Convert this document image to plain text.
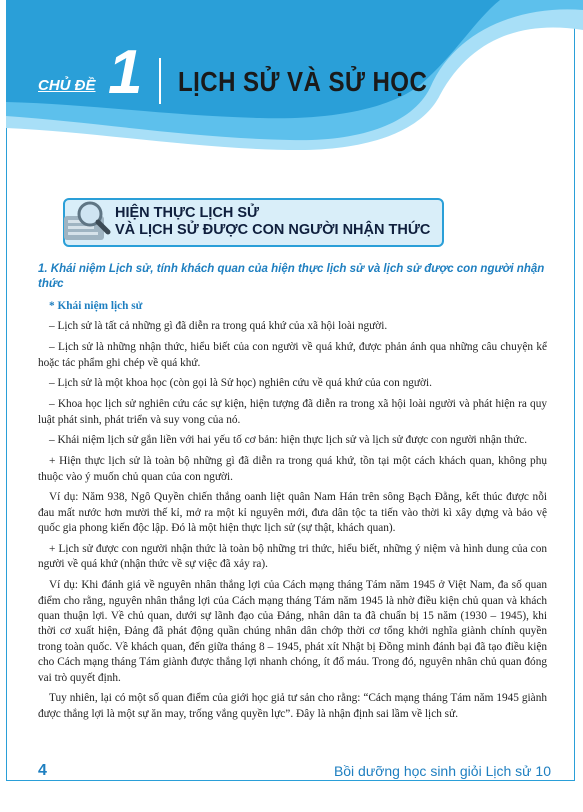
CHỦ ĐỀ 1 LỊCH SỬ VÀ SỬ HỌC
HIỆN THỰC LỊCH SỬ
VÀ LỊCH SỬ ĐƯỢC CON NGƯỜI NHẬN THỨC
1. Khái niệm Lịch sử, tính khách quan của hiện thực lịch sử và lịch sử được con người nhận thức
* Khái niệm lịch sử

– Lịch sử là tất cả những gì đã diễn ra trong quá khứ của xã hội loài người.

– Lịch sử là những nhận thức, hiểu biết của con người về quá khứ, được phản ánh qua những câu chuyện kể hoặc tác phẩm ghi chép về quá khứ.

– Lịch sử là một khoa học (còn gọi là Sử học) nghiên cứu về quá khứ của con người.

– Khoa học lịch sử nghiên cứu các sự kiện, hiện tượng đã diễn ra trong xã hội loài người và phát hiện ra quy luật phát sinh, phát triển và suy vong của nó.

– Khái niệm lịch sử gắn liền với hai yếu tố cơ bản: hiện thực lịch sử và lịch sử được con người nhận thức.

+ Hiện thực lịch sử là toàn bộ những gì đã diễn ra trong quá khứ, tồn tại một cách khách quan, không phụ thuộc vào ý muốn chủ quan của con người.

Ví dụ: Năm 938, Ngô Quyền chiến thắng oanh liệt quân Nam Hán trên sông Bạch Đằng, kết thúc được nỗi đau mất nước hơn mười thế kỉ, mở ra một kỉ nguyên mới, đưa dân tộc ta tiến vào thời kì xây dựng và bảo vệ quốc gia phong kiến độc lập. Đó là một hiện thực lịch sử (sự thật, khách quan).

+ Lịch sử được con người nhận thức là toàn bộ những tri thức, hiểu biết, những ý niệm và hình dung của con người về quá khứ (nhận thức về sự việc đã xảy ra).

Ví dụ: Khi đánh giá về nguyên nhân thắng lợi của Cách mạng tháng Tám năm 1945 ở Việt Nam, đa số quan điểm cho rằng, nguyên nhân thắng lợi của Cách mạng tháng Tám năm 1945 là nhờ điều kiện chủ quan và khách quan thuận lợi. Về chủ quan, dưới sự lãnh đạo của Đảng, nhân dân ta đã chuẩn bị 15 năm (1930 – 1945), khi thời cơ xuất hiện, Đảng đã phát động quần chúng nhân dân chớp thời cơ tổng khởi nghĩa giành chính quyền trong toàn quốc. Về khách quan, đến giữa tháng 8 – 1945, phát xít Nhật bị Đồng minh đánh bại đã tạo điều kiện cho Cách mạng tháng Tám giành được thắng lợi nhanh chóng, ít đổ máu. Trong đó, nguyên nhân chủ quan đóng vai trò quyết định.

Tuy nhiên, lại có một số quan điểm của giới học giả tư sản cho rằng: “Cách mạng tháng Tám năm 1945 giành được thắng lợi là một sự ăn may, trống vắng quyền lực”. Đây là nhận định sai lầm về lịch sử.

4	Bồi dưỡng học sinh giỏi Lịch sử 10
